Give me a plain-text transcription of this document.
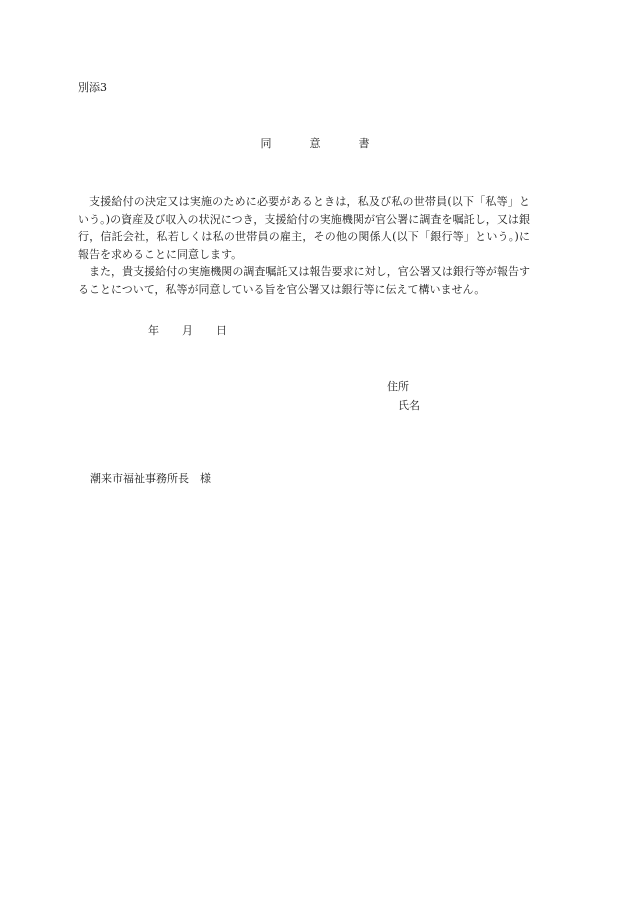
別添3
同	意	書

支援給付の決定又は実施のために必要があるときは，私及び私の世帯員(以下「私等」という。)の資産及び収入の状況につき，支援給付の実施機関が官公署に調査を嘱託し，又は銀行，信託会社，私若しくは私の世帯員の雇主，その他の関係人(以下「銀行等」という。)に報告を求めることに同意します。

また，貴支援給付の実施機関の調査嘱託又は報告要求に対し，官公署又は銀行等が報告することについて，私等が同意している旨を官公署又は銀行等に伝えて構いません。

年 月 日
住所
氏名
潮来市福祉事務所長　様
